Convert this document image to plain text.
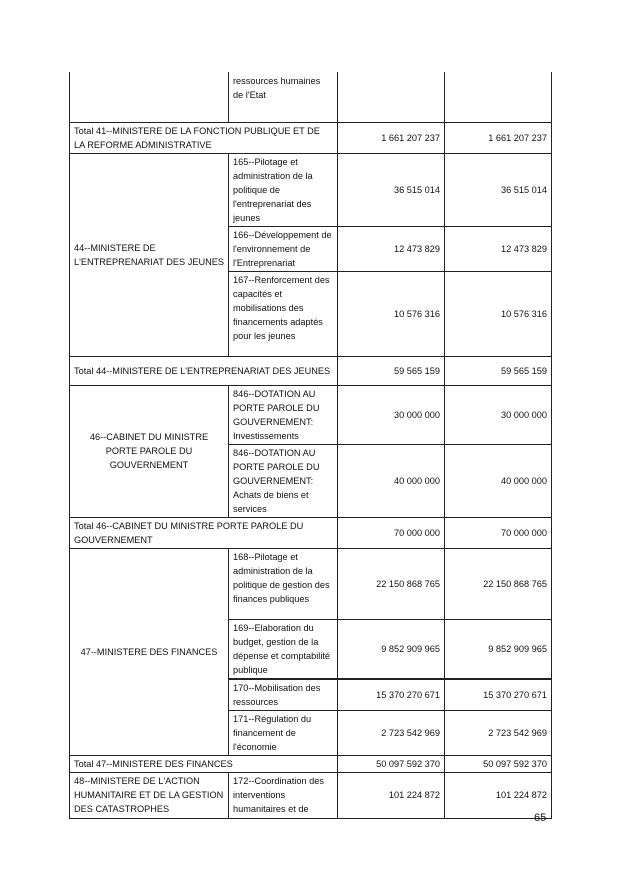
	ressources humaines de l'Etat		
Total 41--MINISTERE DE LA FONCTION PUBLIQUE ET DE LA REFORME ADMINISTRATIVE		1 661 207 237	1 661 207 237
44--MINISTERE DE L'ENTREPRENARIAT DES JEUNES	165--Pilotage et administration de la politique de l'entreprenariat des jeunes	36 515 014	36 515 014
	166--Développement de l'environnement de l'Entreprenariat	12 473 829	12 473 829
	167--Renforcement des capacités et mobilisations des financements adaptés pour les jeunes	10 576 316	10 576 316
Total 44--MINISTERE DE L'ENTREPRENARIAT DES JEUNES		59 565 159	59 565 159
46--CABINET DU MINISTRE PORTE PAROLE DU GOUVERNEMENT	846--DOTATION AU PORTE PAROLE DU GOUVERNEMENT: Investissements	30 000 000	30 000 000
	846--DOTATION AU PORTE PAROLE DU GOUVERNEMENT: Achats de biens et services	40 000 000	40 000 000
Total 46--CABINET DU MINISTRE PORTE PAROLE DU GOUVERNEMENT		70 000 000	70 000 000
47--MINISTERE DES FINANCES	168--Pilotage et administration de la politique de gestion des finances publiques	22 150 868 765	22 150 868 765
	169--Elaboration du budget, gestion de la dépense et comptabilité publique	9 852 909 965	9 852 909 965
	170--Mobilisation des ressources	15 370 270 671	15 370 270 671
	171--Régulation du financement de l'économie	2 723 542 969	2 723 542 969
Total 47--MINISTERE DES FINANCES		50 097 592 370	50 097 592 370
48--MINISTERE DE L'ACTION HUMANITAIRE ET DE LA GESTION DES CATASTROPHES	172--Coordination des interventions humanitaires et de	101 224 872	101 224 872
65
